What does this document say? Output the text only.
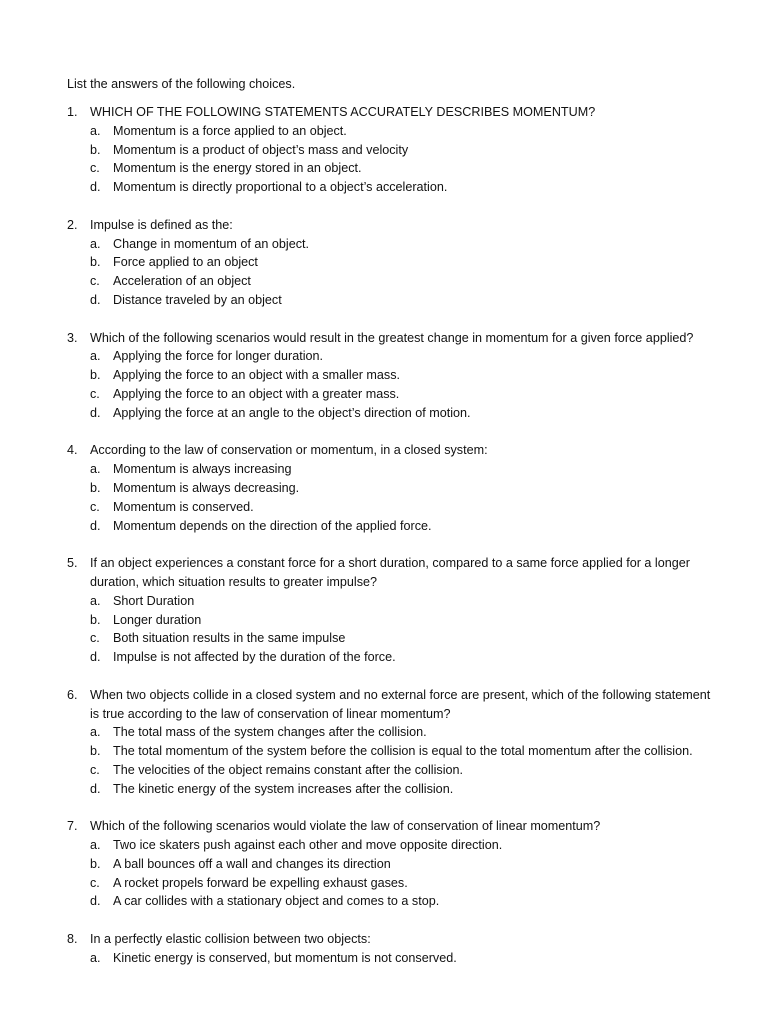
List the answers of the following choices.
1. WHICH OF THE FOLLOWING STATEMENTS ACCURATELY DESCRIBES MOMENTUM?
a. Momentum is a force applied to an object.
b. Momentum is a product of object’s mass and velocity
c.	Momentum is the energy stored in an object.
d. Momentum is directly proportional to a object’s acceleration.
2. Impulse is defined as the:
a. Change in momentum of an object.
b. Force applied to an object
c.	Acceleration of an object
d. Distance traveled by an object
3. Which of the following scenarios would result in the greatest change in momentum for a given force applied?
a. Applying the force for longer duration.
b. Applying the force to an object with a smaller mass.
c.	Applying the force to an object with a greater mass.
d. Applying the force at an angle to the object’s direction of motion.
4. According to the law of conservation or momentum, in a closed system:
a. Momentum is always increasing
b. Momentum is always decreasing.
c.	Momentum is conserved.
d. Momentum depends on the direction of the applied force.
5. If an object experiences a constant force for a short duration, compared to a same force applied for a longer
duration, which situation results to greater impulse?
a. Short Duration
b. Longer duration
c.	Both situation results in the same impulse
d. Impulse is not affected by the duration of the force.
6. When two objects collide in a closed system and no external force are present, which of the following statement
is true according to the law of conservation of linear momentum?
a. The total mass of the system changes after the collision.
b. The total momentum of the system before the collision is equal to the total momentum after the collision.
c.	The velocities of the object remains constant after the collision.
d. The kinetic energy of the system increases after the collision.
7. Which of the following scenarios would violate the law of conservation of linear momentum?
a. Two ice skaters push against each other and move opposite direction.
b. A ball bounces off a wall and changes its direction
c.	A rocket propels forward be expelling exhaust gases.
d. A car collides with a stationary object and comes to a stop.
8. In a perfectly elastic collision between two objects:
a. Kinetic energy is conserved, but momentum is not conserved.
